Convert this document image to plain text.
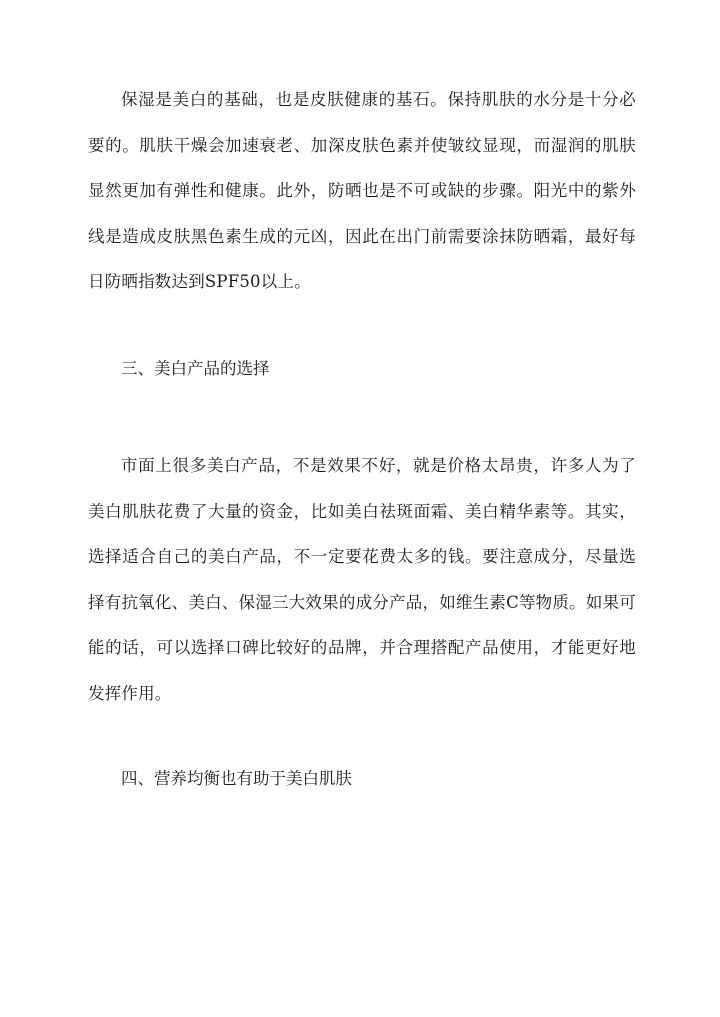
保湿是美白的基础，也是皮肤健康的基石。保持肌肤的水分是十分必要的。肌肤干燥会加速衰老、加深皮肤色素并使皱纹显现，而湿润的肌肤显然更加有弹性和健康。此外，防晒也是不可或缺的步骤。阳光中的紫外线是造成皮肤黑色素生成的元凶，因此在出门前需要涂抹防晒霜，最好每日防晒指数达到SPF50以上。

三、美白产品的选择

市面上很多美白产品，不是效果不好，就是价格太昂贵，许多人为了美白肌肤花费了大量的资金，比如美白祛斑面霜、美白精华素等。其实，选择适合自己的美白产品，不一定要花费太多的钱。要注意成分，尽量选择有抗氧化、美白、保湿三大效果的成分产品，如维生素C等物质。如果可能的话，可以选择口碑比较好的品牌，并合理搭配产品使用，才能更好地发挥作用。

四、营养均衡也有助于美白肌肤
